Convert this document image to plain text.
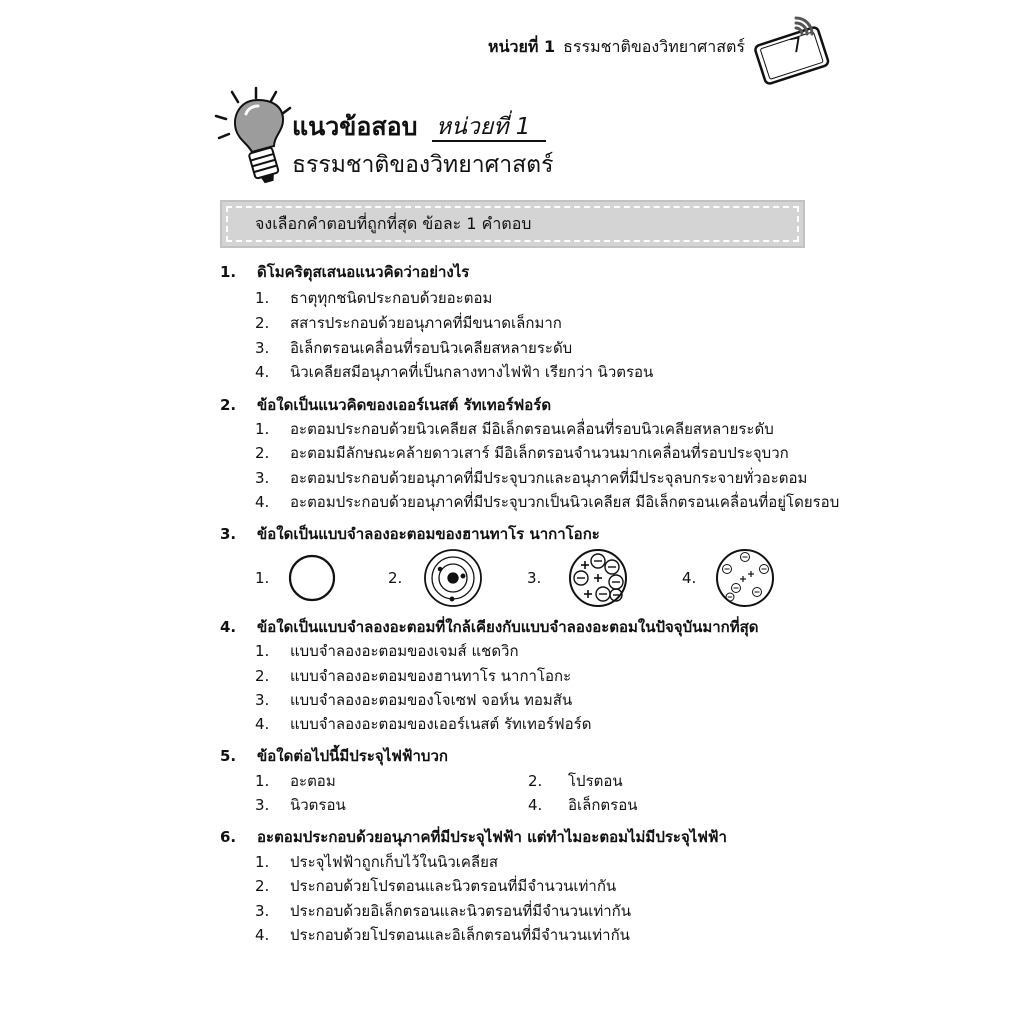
หน่วยที่ 1 ธรรมชาติของวิทยาศาสตร์ 7
แนวข้อสอบ หน่วยที่ 1
ธรรมชาติของวิทยาศาสตร์
จงเลือกคำตอบที่ถูกที่สุด ข้อละ 1 คำตอบ
1. ดิโมคริตุสเสนอแนวคิดว่าอย่างไร
1. ธาตุทุกชนิดประกอบด้วยอะตอม
2. สสารประกอบด้วยอนุภาคที่มีขนาดเล็กมาก
3. อิเล็กตรอนเคลื่อนที่รอบนิวเคลียสหลายระดับ
4. นิวเคลียสมีอนุภาคที่เป็นกลางทางไฟฟ้า เรียกว่า นิวตรอน
2. ข้อใดเป็นแนวคิดของเออร์เนสต์ รัทเทอร์ฟอร์ด
1. อะตอมประกอบด้วยนิวเคลียส มีอิเล็กตรอนเคลื่อนที่รอบนิวเคลียสหลายระดับ
2. อะตอมมีลักษณะคล้ายดาวเสาร์ มีอิเล็กตรอนจำนวนมากเคลื่อนที่รอบประจุบวก
3. อะตอมประกอบด้วยอนุภาคที่มีประจุบวกและอนุภาคที่มีประจุลบกระจายทั่วอะตอม
4. อะตอมประกอบด้วยอนุภาคที่มีประจุบวกเป็นนิวเคลียส มีอิเล็กตรอนเคลื่อนที่อยู่โดยรอบ
3. ข้อใดเป็นแบบจำลองอะตอมของฮานทาโร นากาโอกะ
1.	2.	3.	4.
4. ข้อใดเป็นแบบจำลองอะตอมที่ใกล้เคียงกับแบบจำลองอะตอมในปัจจุบันมากที่สุด
1. แบบจำลองอะตอมของเจมส์ แชดวิก
2. แบบจำลองอะตอมของฮานทาโร นากาโอกะ
3. แบบจำลองอะตอมของโจเซฟ จอห์น ทอมสัน
4. แบบจำลองอะตอมของเออร์เนสต์ รัทเทอร์ฟอร์ด
5. ข้อใดต่อไปนี้มีประจุไฟฟ้าบวก
1. อะตอม	2. โปรตอน
3. นิวตรอน	4. อิเล็กตรอน
6. อะตอมประกอบด้วยอนุภาคที่มีประจุไฟฟ้า แต่ทำไมอะตอมไม่มีประจุไฟฟ้า
1. ประจุไฟฟ้าถูกเก็บไว้ในนิวเคลียส
2. ประกอบด้วยโปรตอนและนิวตรอนที่มีจำนวนเท่ากัน
3. ประกอบด้วยอิเล็กตรอนและนิวตรอนที่มีจำนวนเท่ากัน
4. ประกอบด้วยโปรตอนและอิเล็กตรอนที่มีจำนวนเท่ากัน
